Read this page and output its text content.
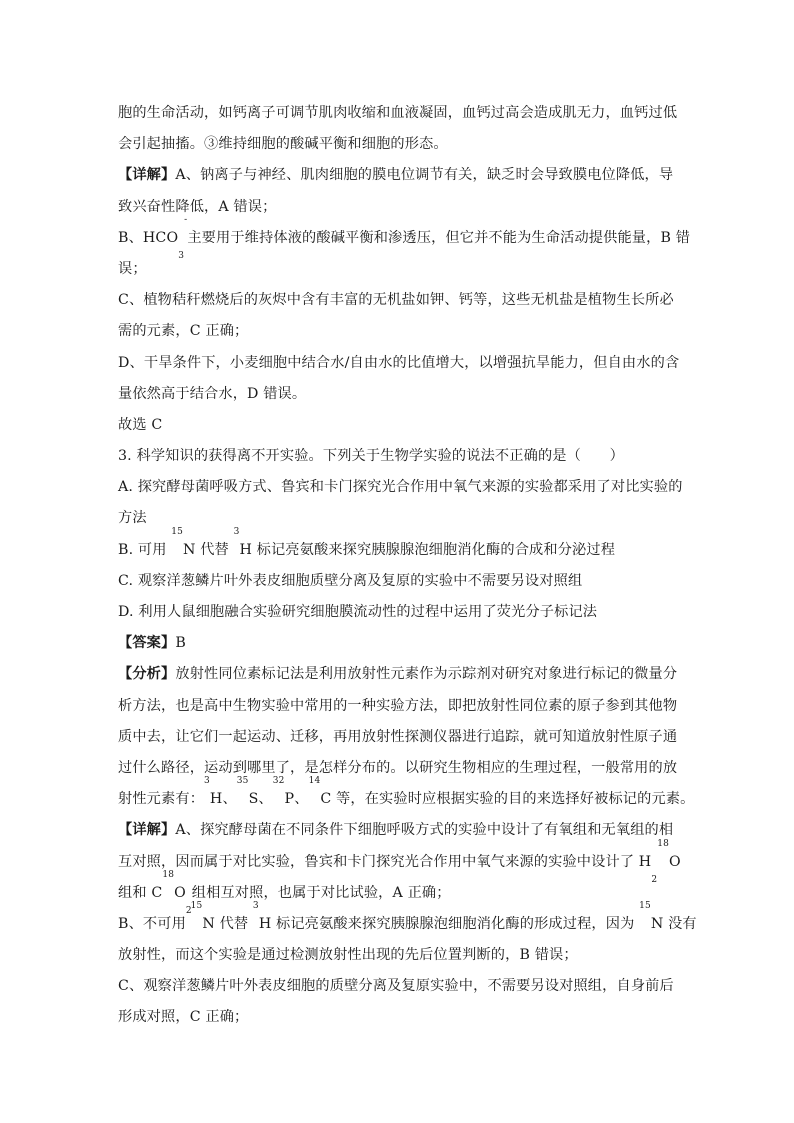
胞的生命活动，如钙离子可调节肌肉收缩和血液凝固，血钙过高会造成肌无力，血钙过低
会引起抽搐。③维持细胞的酸碱平衡和细胞的形态。
【详解】A、钠离子与神经、肌肉细胞的膜电位调节有关，缺乏时会导致膜电位降低，导
致兴奋性降低，A 错误；
B、$HCO_3^-$主要用于维持体液的酸碱平衡和渗透压，但它并不能为生命活动提供能量，B 错
误；
C、植物秸秆燃烧后的灰烬中含有丰富的无机盐如钾、钙等，这些无机盐是植物生长所必
需的元素，C 正确；
D、干旱条件下，小麦细胞中结合水/自由水的比值增大，以增强抗旱能力，但自由水的含
量依然高于结合水，D 错误。
故选 C
3. 科学知识的获得离不开实验。下列关于生物学实验的说法不正确的是（　　）
A. 探究酵母菌呼吸方式、鲁宾和卡门探究光合作用中氧气来源的实验都采用了对比实验的
方法
B. 可用 $^{15}$N 代替 $^3$H 标记亮氨酸来探究胰腺腺泡细胞消化酶的合成和分泌过程
C. 观察洋葱鳞片叶外表皮细胞质壁分离及复原的实验中不需要另设对照组
D. 利用人鼠细胞融合实验研究细胞膜流动性的过程中运用了荧光分子标记法
【答案】B
【分析】放射性同位素标记法是利用放射性元素作为示踪剂对研究对象进行标记的微量分
析方法，也是高中生物实验中常用的一种实验方法，即把放射性同位素的原子参到其他物
质中去，让它们一起运动、迁移，再用放射性探测仪器进行追踪，就可知道放射性原子通
过什么路径，运动到哪里了，是怎样分布的。以研究生物相应的生理过程，一般常用的放
射性元素有：$^3$H、$^{35}$S、$^{32}$P、$^{14}$C 等，在实验时应根据实验的目的来选择好被标记的元素。
【详解】A、探究酵母菌在不同条件下细胞呼吸方式的实验中设计了有氧组和无氧组的相
互对照，因而属于对比实验，鲁宾和卡门探究光合作用中氧气来源的实验中设计了 $H_2^{18}O$
组和 $C^{18}O_2$组相互对照，也属于对比试验，A 正确；
B、不可用 $^{15}$N 代替 $^3$H 标记亮氨酸来探究胰腺腺泡细胞消化酶的形成过程，因为 $^{15}$N 没有
放射性，而这个实验是通过检测放射性出现的先后位置判断的，B 错误；
C、观察洋葱鳞片叶外表皮细胞的质壁分离及复原实验中，不需要另设对照组，自身前后
形成对照，C 正确；
